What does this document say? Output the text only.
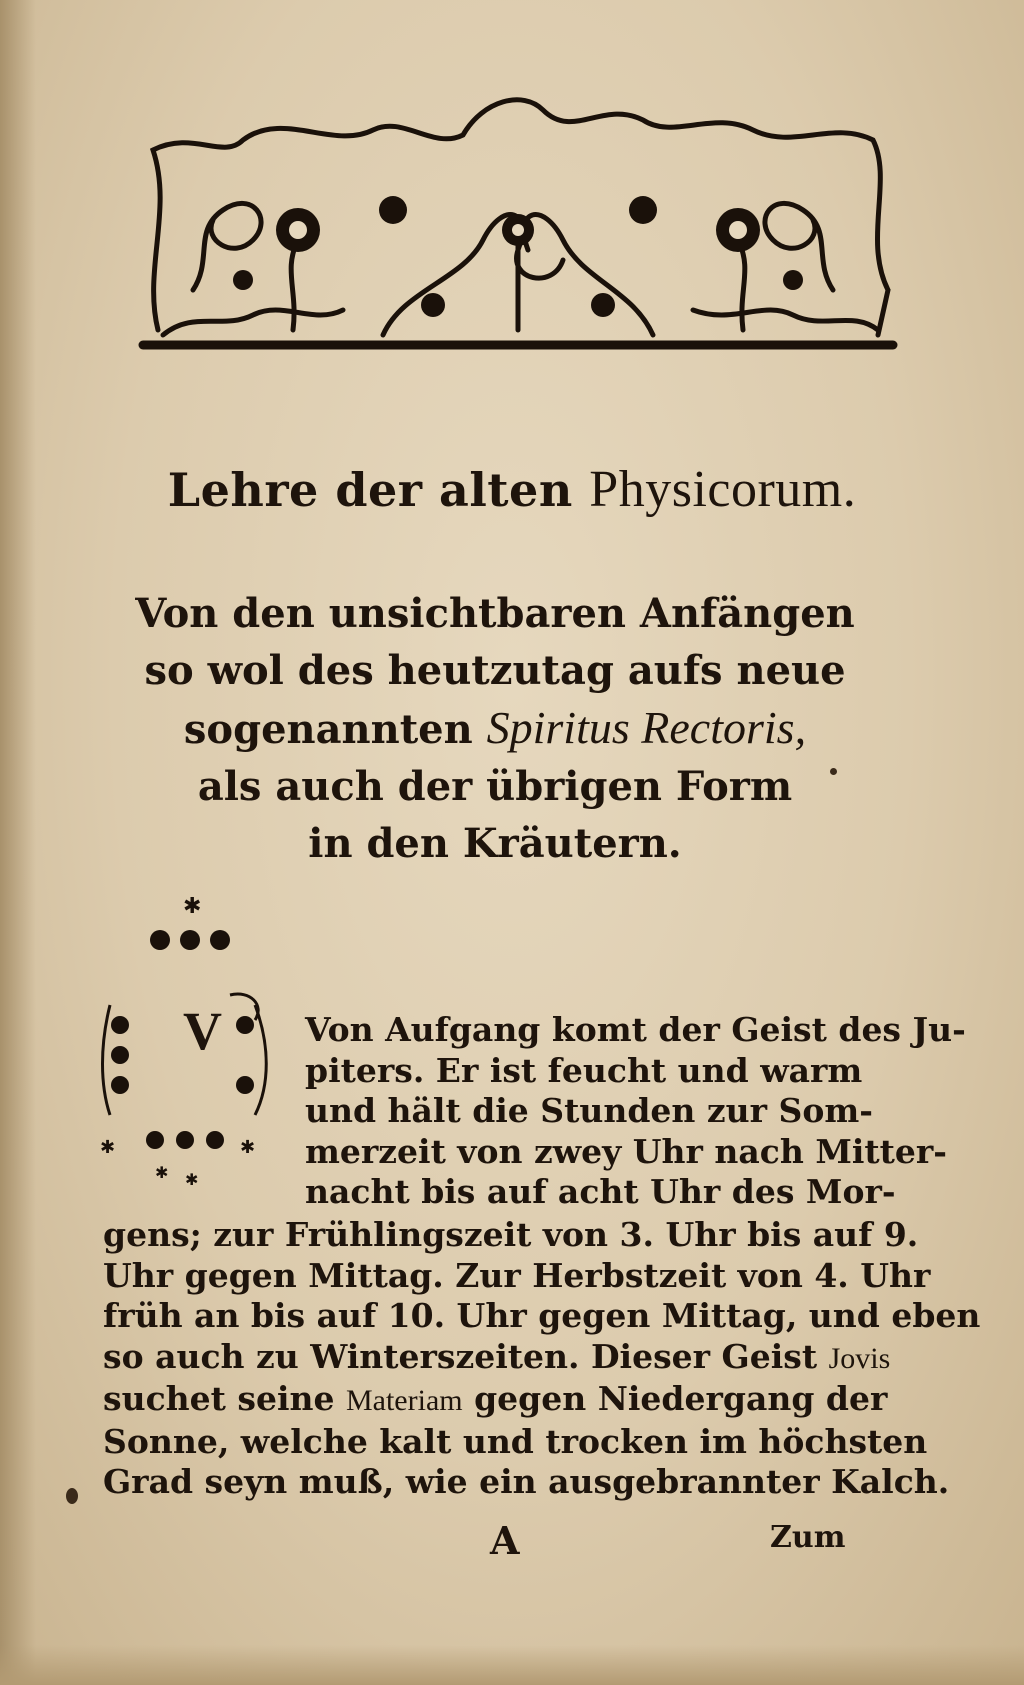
Lehre der alten Physicorum.
Von den unsichtbaren Anfängen
so wol des heutzutag aufs neue
sogenannten Spiritus Rectoris,
als auch der übrigen Form
in den Kräutern.
✱
✱	✱
✱ ✱
V	Von Aufgang komt der Geist des Ju-
piters. Er ist feucht und warm
und hält die Stunden zur Som-
merzeit von zwey Uhr nach Mitter-
nacht bis auf acht Uhr des Mor-
gens; zur Frühlingszeit von 3. Uhr bis auf 9.
Uhr gegen Mittag. Zur Herbstzeit von 4. Uhr
früh an bis auf 10. Uhr gegen Mittag, und eben
so auch zu Winterszeiten. Dieser Geist Jovis
suchet seine Materiam gegen Niedergang der
Sonne, welche kalt und trocken im höchsten
Grad seyn muß, wie ein ausgebrannter Kalch.
A	Zum
